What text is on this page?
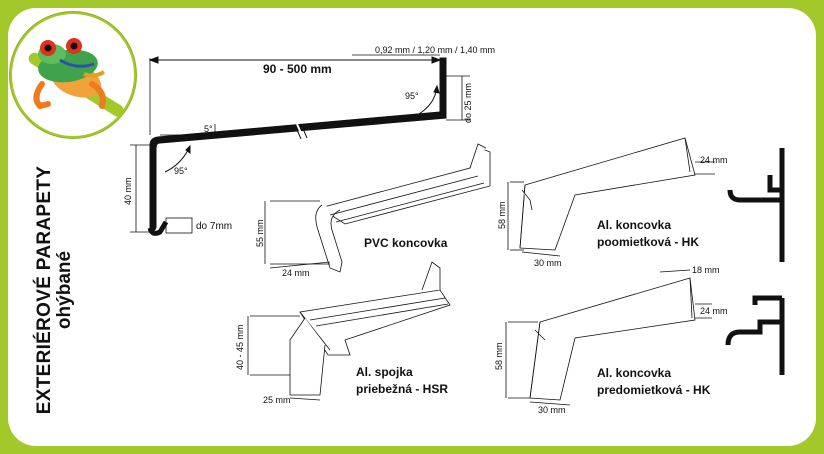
EXTERIÉROVÉ PARAPETY ohýbané
0,92 mm / 1,20 mm / 1,40 mm
90 - 500 mm
95°	do 25 mm
5°
95°
40 mm
do 7mm
PVC koncovka
55 mm
24 mm
Al. koncovka
poomietková - HK
58 mm
30 mm
24 mm
Al. spojka
priebežná - HSR
40 - 45 mm
25 mm
Al. koncovka
predomietková - HK
58 mm
30 mm
18 mm
24 mm
